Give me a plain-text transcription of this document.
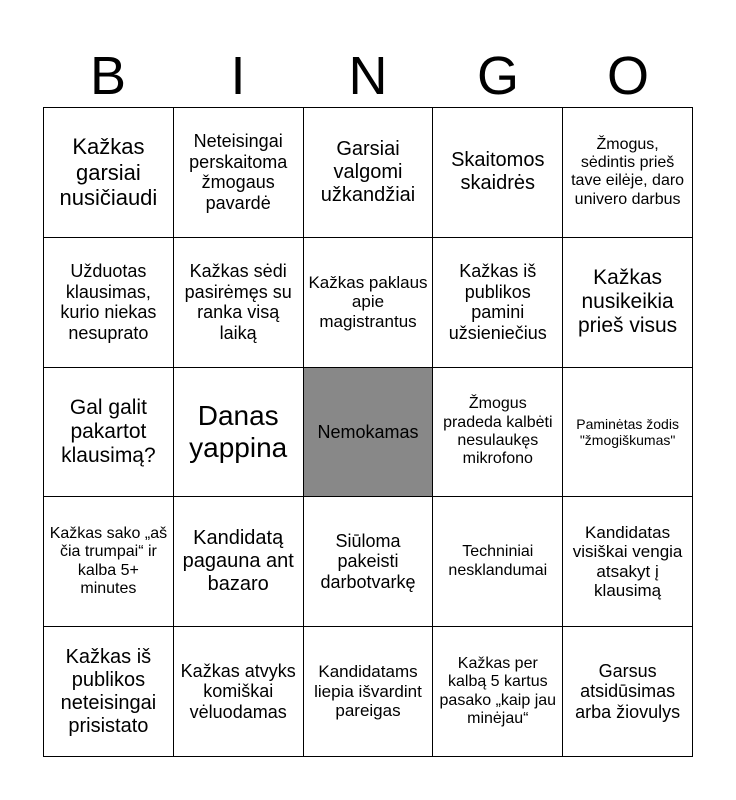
B	I	N	G	O
Kažkas garsiai nusičiaudi	Neteisingai perskaitoma žmogaus pavardė	Garsiai valgomi užkandžiai	Skaitomos skaidrės	Žmogus, sėdintis prieš tave eilėje, daro univero darbus
Užduotas klausimas, kurio niekas nesuprato	Kažkas sėdi pasirėmęs su ranka visą laiką	Kažkas paklaus apie magistrantus	Kažkas iš publikos pamini užsieniečius	Kažkas nusikeikia prieš visus
Gal galit pakartot klausimą?	Danas yappina	Nemokamas	Žmogus pradeda kalbėti nesulaukęs mikrofono	Paminėtas žodis "žmogiškumas"
Kažkas sako „aš čia trumpai“ ir kalba 5+ minutes	Kandidatą pagauna ant bazaro	Siūloma pakeisti darbotvarkę	Techniniai nesklandumai	Kandidatas visiškai vengia atsakyt į klausimą
Kažkas iš publikos neteisingai prisistato	Kažkas atvyks komiškai vėluodamas	Kandidatams liepia išvardint pareigas	Kažkas per kalbą 5 kartus pasako „kaip jau minėjau“	Garsus atsidūsimas arba žiovulys
